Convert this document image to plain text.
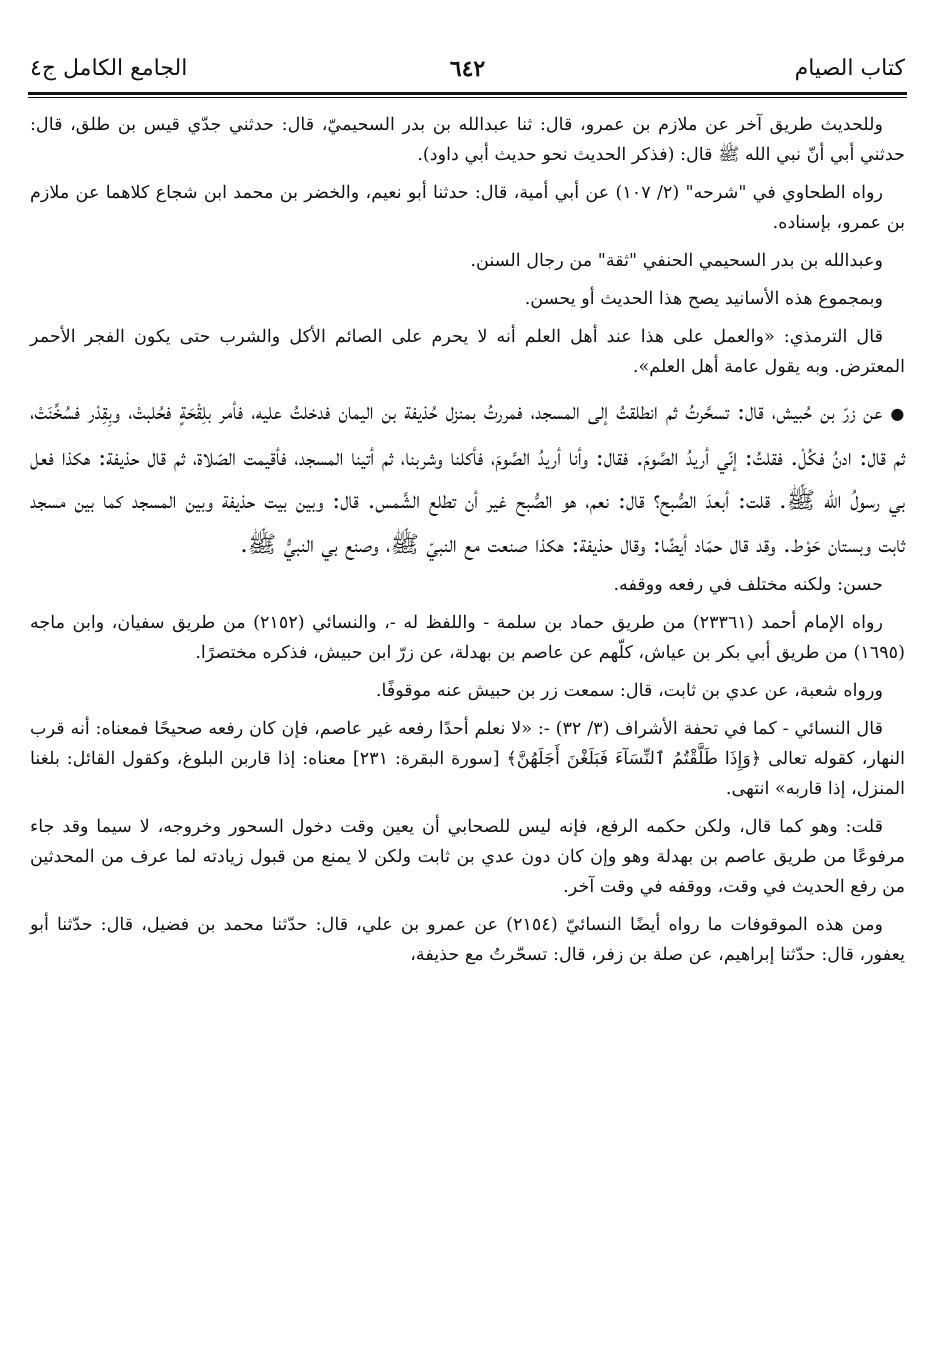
كتاب الصيام
٦٤٢
الجامع الكامل ج٤

وللحديث طريق آخر عن ملازم بن عمرو، قال: ثنا عبدالله بن بدر السحيميّ، قال: حدثني جدّي قيس بن طلق، قال: حدثني أبي أنّ نبي الله ﷺ قال: (فذكر الحديث نحو حديث أبي داود).

رواه الطحاوي في "شرحه" (٢/ ١٠٧) عن أبي أمية، قال: حدثنا أبو نعيم، والخضر بن محمد ابن شجاع كلاهما عن ملازم بن عمرو، بإسناده.

وعبدالله بن بدر السحيمي الحنفي "ثقة" من رجال السنن.

وبمجموع هذه الأسانيد يصح هذا الحديث أو يحسن.

قال الترمذي: «والعمل على هذا عند أهل العلم أنه لا يحرم على الصائم الأكل والشرب حتى يكون الفجر الأحمر المعترض. وبه يقول عامة أهل العلم».

● عن زرّ بن حُبيش، قال: تسحَّرتُ ثم انطلقتُ إلى المسجد، فمررتُ بمنزل حُذيفة بن اليمان فدخلتُ عليه، فأمر بلِقْحَةٍ فحُلبتْ، وبِقِدْر فسُخِّنَتْ، ثم قال: ادنُ فكُلْ. فقلتُ: إنّي أريدُ الصَّومَ. فقال: وأنا أريدُ الصَّومَ، فأكلنا وشربنا، ثم أتينا المسجد، فأقيمت الصّلاة، ثم قال حذيفة: هكذا فعل بي رسولُ الله ﷺ. قلت: أبعدَ الصُّبح؟ قال: نعم، هو الصُّبح غير أن تطلع الشَّمس. قال: وبين بيت حذيفة وبين المسجد كما بين مسجد ثابت وبستان حَوْط. وقد قال حمّاد أيضًا: وقال حذيفة: هكذا صنعت مع النبيّ ﷺ، وصنع بي النبيُّ ﷺ.

حسن: ولكنه مختلف في رفعه ووقفه.

رواه الإمام أحمد (٢٣٣٦١) من طريق حماد بن سلمة - واللفظ له -، والنسائي (٢١٥٢) من طريق سفيان، وابن ماجه (١٦٩٥) من طريق أبي بكر بن عياش، كلّهم عن عاصم بن بهدلة، عن زرّ ابن حبيش، فذكره مختصرًا.

ورواه شعبة، عن عدي بن ثابت، قال: سمعت زر بن حبيش عنه موقوفًا.

قال النسائي - كما في تحفة الأشراف (٣/ ٣٢) -: «لا نعلم أحدًا رفعه غير عاصم، فإن كان رفعه صحيحًا فمعناه: أنه قرب النهار، كقوله تعالى ﴿وَإِذَا طَلَّقْتُمُ ٱلنِّسَآءَ فَبَلَغْنَ أَجَلَهُنَّ﴾ [سورة البقرة: ٢٣١] معناه: إذا قاربن البلوغ، وكقول القائل: بلغنا المنزل، إذا قاربه» انتهى.

قلت: وهو كما قال، ولكن حكمه الرفع، فإنه ليس للصحابي أن يعين وقت دخول السحور وخروجه، لا سيما وقد جاء مرفوعًا من طريق عاصم بن بهدلة وهو وإن كان دون عدي بن ثابت ولكن لا يمنع من قبول زيادته لما عرف من المحدثين من رفع الحديث في وقت، ووقفه في وقت آخر.

ومن هذه الموقوفات ما رواه أيضًا النسائيّ (٢١٥٤) عن عمرو بن علي، قال: حدّثنا محمد بن فضيل، قال: حدّثنا أبو يعفور، قال: حدّثنا إبراهيم، عن صلة بن زفر، قال: تسحّرتُ مع حذيفة،
